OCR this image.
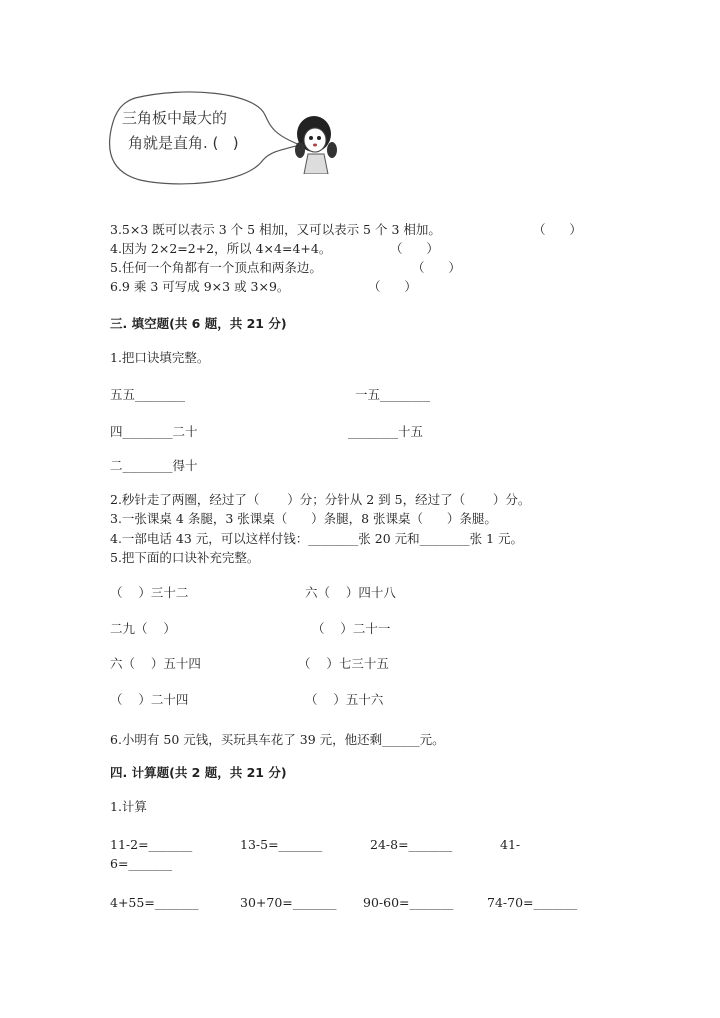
三角板中最大的
角就是直角. (   )
3.5×3 既可以表示 3 个 5 相加，又可以表示 5 个 3 相加。	（      ）
4.因为 2×2=2+2，所以 4×4=4+4。	（      ）
5.任何一个角都有一个顶点和两条边。	（      ）
6.9 乘 3 可写成 9×3 或 3×9。	（      ）
三. 填空题(共 6 题，共 21 分)
1.把口诀填完整。
五五________	一五________
四________二十	________十五
二________得十
2.秒针走了两圈，经过了（       ）分；分针从 2 到 5，经过了（       ）分。
3.一张课桌 4 条腿，3 张课桌（      ）条腿，8 张课桌（      ）条腿。
4.一部电话 43 元，可以这样付钱：________张 20 元和________张 1 元。
5.把下面的口诀补充完整。
（    ）三十二	六（    ）四十八
二九（    ）	（    ）二十一
六（    ）五十四	（    ）七三十五
（    ）二十四	（    ）五十六
6.小明有 50 元钱，买玩具车花了 39 元，他还剩______元。
四. 计算题(共 2 题，共 21 分)
1.计算
11-2=_______	13-5=_______	24-8=_______	41-
6=_______
4+55=_______	30+70=_______ 90-60=_______	74-70=_______
